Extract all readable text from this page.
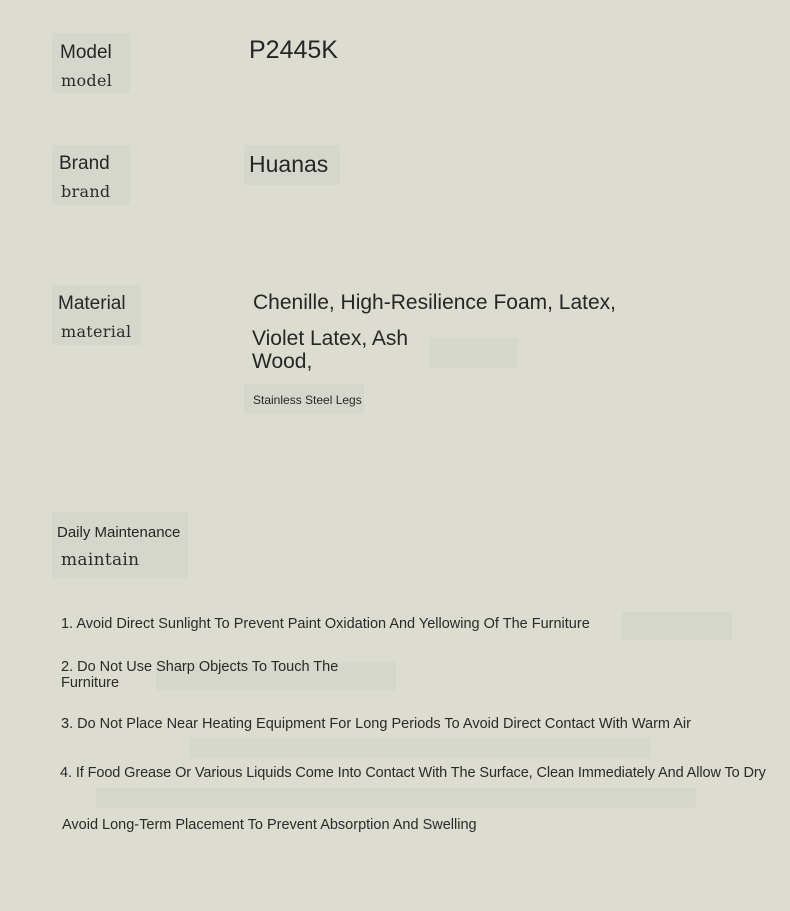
Model
model
P2445K
Brand
brand
Huanas
Material
material
Chenille, High-Resilience Foam, Latex,
Violet Latex, Ash
Wood,
Stainless Steel Legs
Daily Maintenance
maintain
1. Avoid Direct Sunlight To Prevent Paint Oxidation And Yellowing Of The Furniture
2. Do Not Use Sharp Objects To Touch The
Furniture
3. Do Not Place Near Heating Equipment For Long Periods To Avoid Direct Contact With Warm Air
4. If Food Grease Or Various Liquids Come Into Contact With The Surface, Clean Immediately And Allow To Dry
Avoid Long-Term Placement To Prevent Absorption And Swelling
